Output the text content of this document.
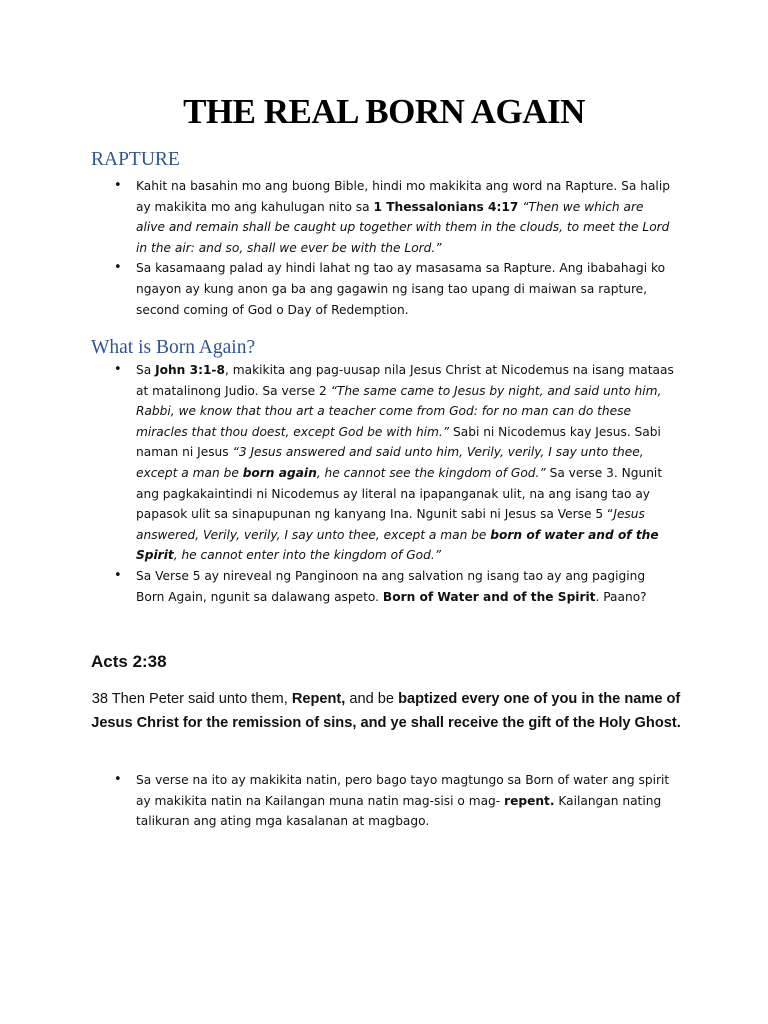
THE REAL BORN AGAIN
RAPTURE
• Kahit na basahin mo ang buong Bible, hindi mo makikita ang word na Rapture. Sa halip ay makikita mo ang kahulugan nito sa 1 Thessalonians 4:17 “Then we which are alive and remain shall be caught up together with them in the clouds, to meet the Lord in the air: and so, shall we ever be with the Lord.”
• Sa kasamaang palad ay hindi lahat ng tao ay masasama sa Rapture. Ang ibabahagi ko ngayon ay kung anon ga ba ang gagawin ng isang tao upang di maiwan sa rapture, second coming of God o Day of Redemption.
What is Born Again?
• Sa John 3:1-8, makikita ang pag-uusap nila Jesus Christ at Nicodemus na isang mataas at matalinong Judio. Sa verse 2 “The same came to Jesus by night, and said unto him, Rabbi, we know that thou art a teacher come from God: for no man can do these miracles that thou doest, except God be with him.” Sabi ni Nicodemus kay Jesus. Sabi naman ni Jesus “3 Jesus answered and said unto him, Verily, verily, I say unto thee, except a man be born again, he cannot see the kingdom of God.” Sa verse 3. Ngunit ang pagkakaintindi ni Nicodemus ay literal na ipapanganak ulit, na ang isang tao ay papasok ulit sa sinapupunan ng kanyang Ina. Ngunit sabi ni Jesus sa Verse 5 “Jesus answered, Verily, verily, I say unto thee, except a man be born of water and of the Spirit, he cannot enter into the kingdom of God.”
• Sa Verse 5 ay nireveal ng Panginoon na ang salvation ng isang tao ay ang pagiging Born Again, ngunit sa dalawang aspeto. Born of Water and of the Spirit. Paano?
Acts 2:38
38 Then Peter said unto them, Repent, and be baptized every one of you in the name of Jesus Christ for the remission of sins, and ye shall receive the gift of the Holy Ghost.
• Sa verse na ito ay makikita natin, pero bago tayo magtungo sa Born of water ang spirit ay makikita natin na Kailangan muna natin mag-sisi o mag- repent. Kailangan nating talikuran ang ating mga kasalanan at magbago.
